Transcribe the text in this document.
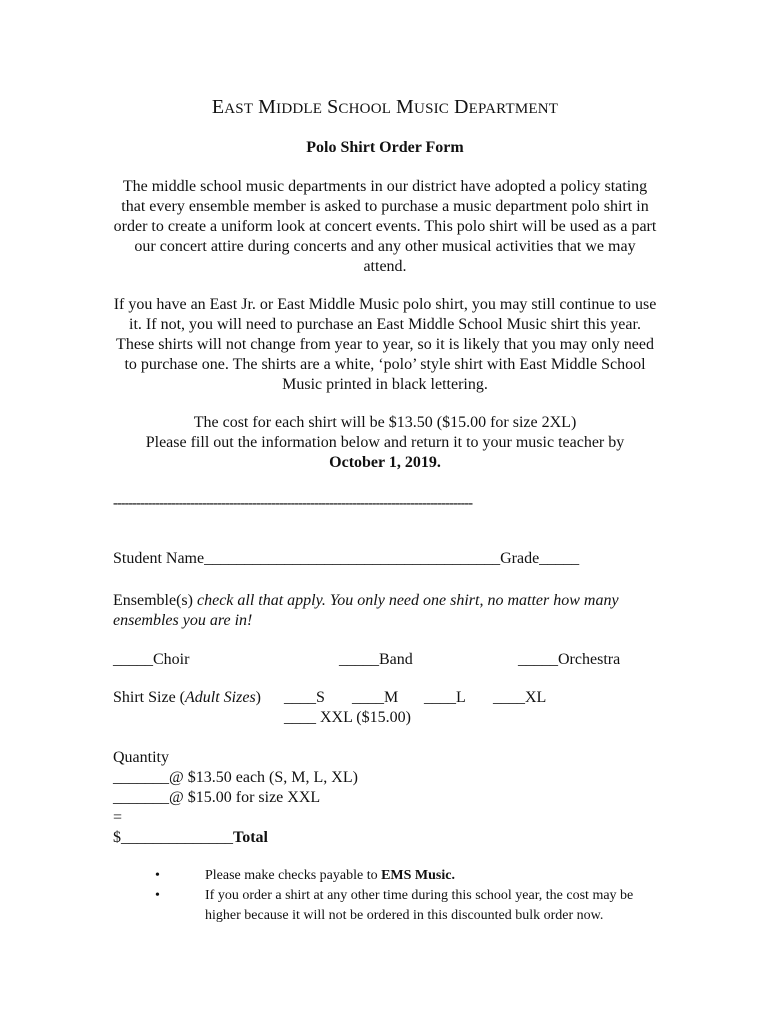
EAST MIDDLE SCHOOL MUSIC DEPARTMENT
Polo Shirt Order Form
The middle school music departments in our district have adopted a policy stating that every ensemble member is asked to purchase a music department polo shirt in order to create a uniform look at concert events. This polo shirt will be used as a part our concert attire during concerts and any other musical activities that we may attend.
If you have an East Jr. or East Middle Music polo shirt, you may still continue to use it. If not, you will need to purchase an East Middle School Music shirt this year. These shirts will not change from year to year, so it is likely that you may only need to purchase one. The shirts are a white, ‘polo’ style shirt with East Middle School Music printed in black lettering.
The cost for each shirt will be $13.50 ($15.00 for size 2XL)
Please fill out the information below and return it to your music teacher by
October 1, 2019.
---------------------------------------------------------------------------------------------
Student Name_____________________________________Grade_____
Ensemble(s) check all that apply. You only need one shirt, no matter how many ensembles you are in!
_____Choir	_____Band	_____Orchestra
Shirt Size (Adult Sizes) ____S ____M ____L ____XL
____ XXL ($15.00)
Quantity
_______@ $13.50 each (S, M, L, XL)
_______@ $15.00 for size XXL
=
$______________Total
•	Please make checks payable to EMS Music.
•	If you order a shirt at any other time during this school year, the cost may be higher because it will not be ordered in this discounted bulk order now.
